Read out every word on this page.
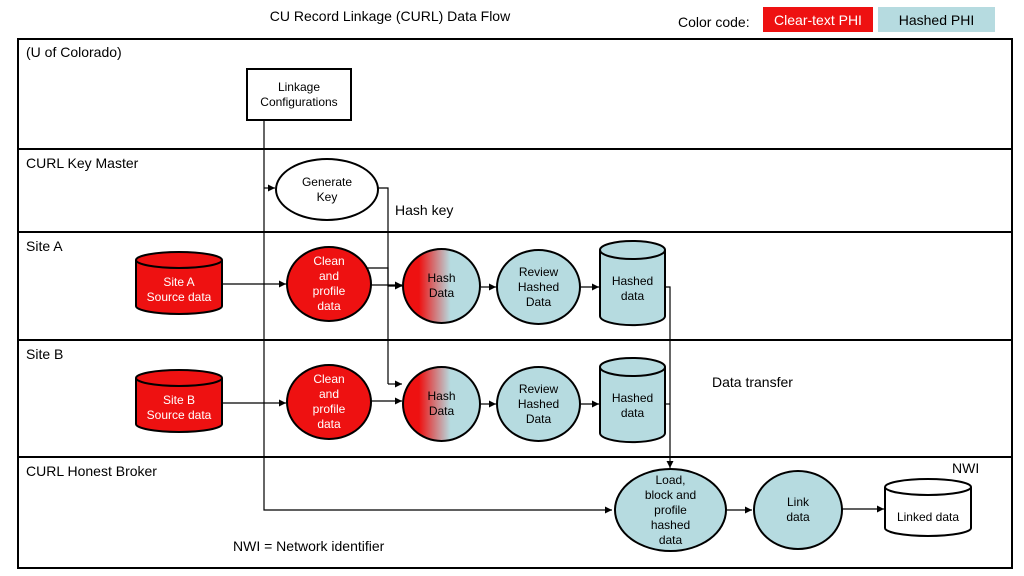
CU Record Linkage (CURL) Data Flow	Color code:	Clear-text PHI	Hashed PHI
(U of Colorado)
CURL Key Master
Site A
Site B
CURL Honest Broker
Linkage
Configurations
Generate
Key
Hash key
Site A
Source data
Clean
and
profile
data
Hash
Data
Review
Hashed
Data
Hashed
data
Site B
Source data
Clean
and
profile
data
Hash
Data
Review
Hashed
Data
Hashed
data
Data transfer
NWI
Load,
block and
profile
hashed
data
Link
data	Linked data
NWI = Network identifier
